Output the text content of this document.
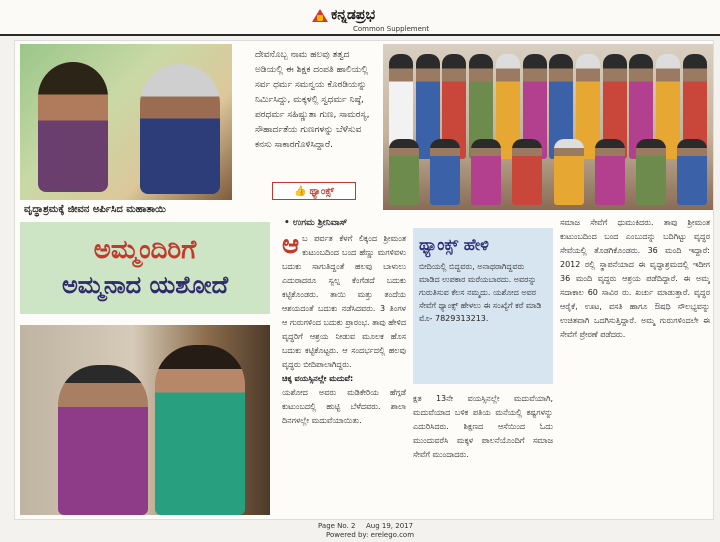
ಕನ್ನಡಪ್ರಭ
Common Supplement
ದೇವನೊಬ್ಬ ನಾಮ ಹಲವು ತತ್ವದ ಅಡಿಯಲ್ಲಿ ಈ ಶಿಕ್ಷಕ ದಂಪತಿ ಹಾಲಿಯಲ್ಲಿ ಸರ್ವ ಧರ್ಮ ಸಮನ್ವಯ ಕೊಠಡಿಯನ್ನು ನಿರ್ಮಿಸಿದ್ದು, ಮಕ್ಕಳಲ್ಲಿ ಸ್ವಧರ್ಮ ನಿಷ್ಠೆ, ಪರಧರ್ಮ ಸಹಿಷ್ಣುತಾ ಗುಣ, ಸಾಮರಸ್ಯ, ಸೌಹಾರ್ದತೆಯ ಗುಣಗಳನ್ನು ಬೆಳೆಸುವ ಕನಸು ಸಾಕಾರಗೊಳಿಸಿದ್ದಾರೆ.
👍 ಥ್ಯಾಂಕ್ಸ್
ವೃದ್ಧಾಶ್ರಮಕ್ಕೆ ಜೀವನ ಅರ್ಪಿಸಿದ ಮಹಾತಾಯಿ
ಅಮ್ಮಂದಿರಿಗೆ
ಅಮ್ಮನಾದ ಯಶೋದೆ
• ಉಗಮ ಶ್ರೀನಿವಾಸ್
ಆ ಬ ಪರ್ವತ ಕೆಳಗೆ ಲಿಕ್ಕಂದ ಶ್ರೀಮಂತ ಕುಟುಂಬದಿಂದ ಬಂದ ಹೆಣ್ಣು ಮಗಳಿವಳು ಬದುಕು ಸಾಗುತಿದ್ದಂತೆ ಹಲವು ಬಾಳುಲು ಎದುರಾದರೂ ಸ್ವಲ್ಪ ಕೆಂಗೆಡದೆ ಬದುಕು ಕಟ್ಟಿಕೊಂಡರು. ತಾಯಿ ಮತ್ತು ತಂದೆಯ ಆಶಯದಂತೆ ಬದುಕು ನಡೆಸಿದವರು. 3 ತಿಂಗಳ ಆ ಗುರುಗಳಿಂದ ಬದುಕು ಪ್ರಾರಂಭ. ತಾವು ಹೇಳಿದ ವೃದ್ಧರಿಗೆ ಆಶ್ರಯ ನೀಡುವ ಮೂಲಕ ಹೊಸ ಬದುಕು ಕಟ್ಟಿಕೊಟ್ಟರು. ಆ ಸಂದರ್ಭದಲ್ಲಿ ಹಲವು ವೃದ್ಧರು ಬೀದಿಪಾಲಾಗಿದ್ದರು.
ಚಿಕ್ಕ ವಯಸ್ಸಿನಲ್ಲೇ ಮದುವೆ:
ಯಶೋದ ಅವರು ಮಡಿಕೇರಿಯ ಹೆಗ್ಗಡೆ ಕುಟುಂಬದಲ್ಲಿ ಹುಟ್ಟಿ ಬೆಳೆದವರು. ಶಾಲಾ ದಿನಗಳಲ್ಲೇ ಮದುವೆಯಾಯಿತು.
ಥ್ಯಾಂಕ್ಸ್ ಹೇಳಿ
ಬೀದಿಯಲ್ಲಿ ಬಿದ್ದವರು, ಅನಾಥರಾಗಿದ್ದವರು ಮಾಡಿದ ಉಪಕಾರ ಮರೆಯಬಾರದು. ಅವರನ್ನು ಗುರುತಿಸುವ ಕೆಲಸ ನಮ್ಮದು. ಯಶೋದ ಅವರ ಸೇವೆಗೆ ಥ್ಯಾಂಕ್ಸ್ ಹೇಳಲು ಈ ಸಂಖ್ಯೆಗೆ ಕರೆ ಮಾಡಿ ಮೊ- 7829313213.
ಕ್ಷತ 13ನೇ ವಯಸ್ಸಿನಲ್ಲೇ ಮದುವೆಯಾಗಿ, ಮದುವೆಯಾದ ಬಳಿಕ ಪತಿಯ ಮನೆಯಲ್ಲಿ ಕಷ್ಟಗಳನ್ನು ಎದುರಿಸಿದರು. ಶಿಕ್ಷಣದ ಆಸೆಯಿಂದ ಓದು ಮುಂದುವರೆಸಿ ಮಕ್ಕಳ ಪಾಲನೆಯೊಂದಿಗೆ ಸಮಾಜ ಸೇವೆಗೆ ಮುಂದಾದರು.
ಸಮಾಜ ಸೇವೆಗೆ ಧುಮುಕಿದರು. ತಾವು ಶ್ರೀಮಂತ ಕುಟುಂಬದಿಂದ ಬಂದ ಎಂಬುದನ್ನು ಬದಿಗಿಟ್ಟು ವೃದ್ಧರ ಸೇವೆಯಲ್ಲಿ ತೊಡಗಿಕೊಂಡರು. 36 ಮಂದಿ ಇದ್ದಾರೆ: 2012 ರಲ್ಲಿ ಸ್ಥಾಪನೆಯಾದ ಈ ವೃದ್ಧಾಶ್ರಮದಲ್ಲಿ ಇದೀಗ 36 ಮಂದಿ ವೃದ್ಧರು ಆಶ್ರಯ ಪಡೆದಿದ್ದಾರೆ. ಈ ಅಮ್ಮ ಸದಾಕಾಲ 60 ಸಾವಿರ ರು. ಖರ್ಚು ಮಾಡುತ್ತಾರೆ. ವೃದ್ಧರ ಆರೈಕೆ, ಊಟ, ವಸತಿ ಹಾಗೂ ಔಷಧಿ ಸೌಲಭ್ಯವನ್ನು ಉಚಿತವಾಗಿ ಒದಗಿಸುತ್ತಿದ್ದಾರೆ. ಅಮ್ಮ ಗುರುಗಳಿಂದಲೇ ಈ ಸೇವೆಗೆ ಪ್ರೇರಣೆ ಪಡೆದರು.
Page No. 2 Aug 19, 2017
Powered by: erelego.com
